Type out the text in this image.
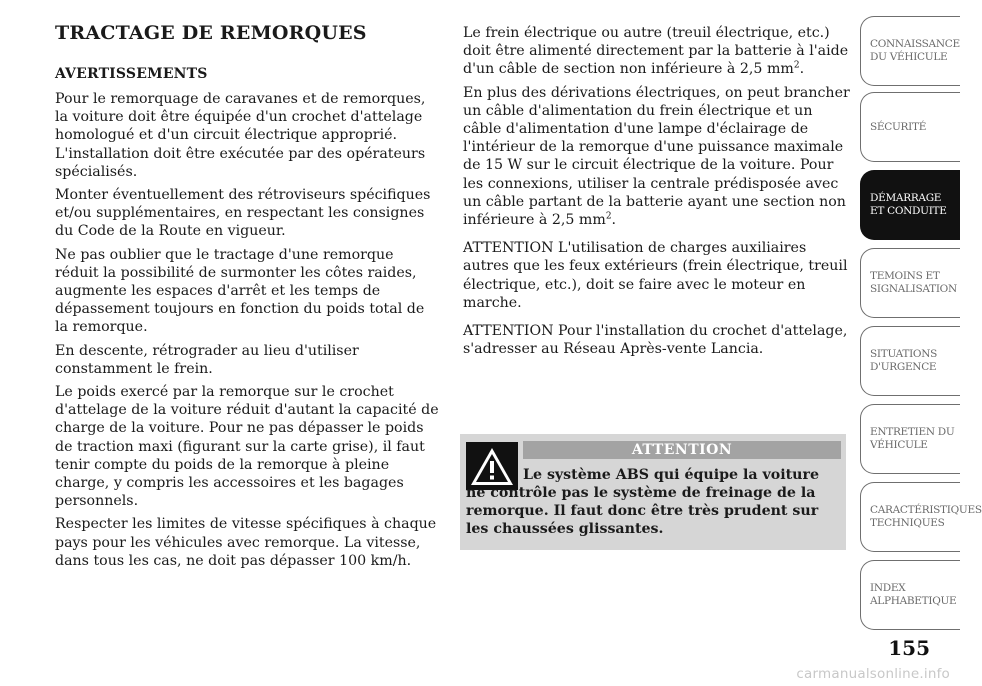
TRACTAGE DE REMORQUES
AVERTISSEMENTS

Pour le remorquage de caravanes et de remorques, la voiture doit être équipée d'un crochet d'attelage homologué et d'un circuit électrique approprié. L'installation doit être exécutée par des opérateurs spécialisés.

Monter éventuellement des rétroviseurs spécifiques et/ou supplémentaires, en respectant les consignes du Code de la Route en vigueur.

Ne pas oublier que le tractage d'une remorque réduit la possibilité de surmonter les côtes raides, augmente les espaces d'arrêt et les temps de dépassement toujours en fonction du poids total de la remorque.

En descente, rétrograder au lieu d'utiliser constamment le frein.

Le poids exercé par la remorque sur le crochet d'attelage de la voiture réduit d'autant la capacité de charge de la voiture. Pour ne pas dépasser le poids de traction maxi (figurant sur la carte grise), il faut tenir compte du poids de la remorque à pleine charge, y compris les accessoires et les bagages personnels.

Respecter les limites de vitesse spécifiques à chaque pays pour les véhicules avec remorque. La vitesse, dans tous les cas, ne doit pas dépasser 100 km/h.

Le frein électrique ou autre (treuil électrique, etc.) doit être alimenté directement par la batterie à l'aide d'un câble de section non inférieure à 2,5 $mm^2$.

En plus des dérivations électriques, on peut brancher un câble d'alimentation du frein électrique et un câble d'alimentation d'une lampe d'éclairage de l'intérieur de la remorque d'une puissance maximale de 15 W sur le circuit électrique de la voiture. Pour les connexions, utiliser la centrale prédisposée avec un câble partant de la batterie ayant une section non inférieure à 2,5 $mm^2$.

ATTENTION L'utilisation de charges auxiliaires autres que les feux extérieurs (frein électrique, treuil électrique, etc.), doit se faire avec le moteur en marche.

ATTENTION Pour l'installation du crochet d'attelage, s'adresser au Réseau Après-vente Lancia.

ATTENTION

Le système ABS qui équipe la voiture ne contrôle pas le système de freinage de la remorque. Il faut donc être très prudent sur les chaussées glissantes.

CONNAISSANCE DU VÉHICULE
SÉCURITÉ
DÉMARRAGE ET CONDUITE
TEMOINS ET SIGNALISATION
SITUATIONS D'URGENCE
ENTRETIEN DU VÉHICULE
CARACTÉRISTIQUES TECHNIQUES
INDEX ALPHABETIQUE
155
carmanualsonline.info
